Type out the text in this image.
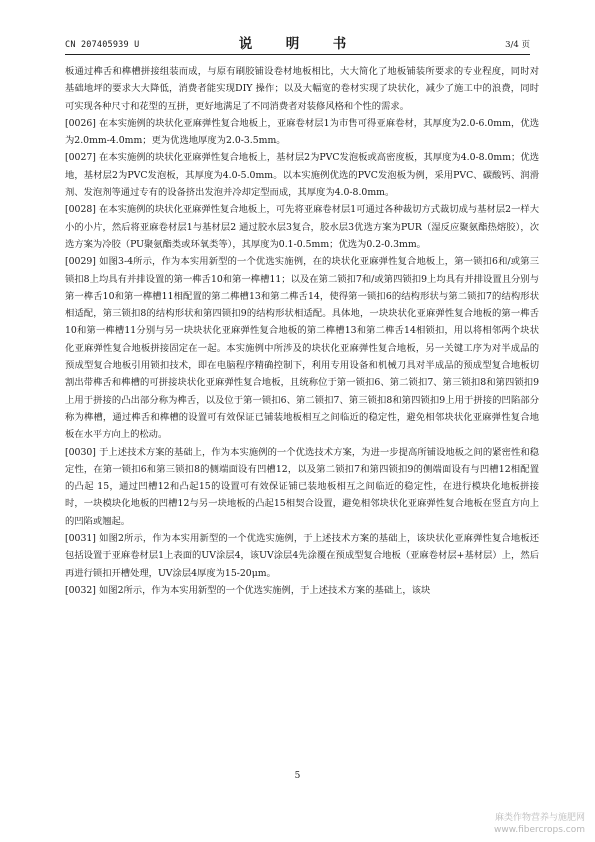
CN 207405939 U	说　明　书	3/4 页

板通过榫舌和榫槽拼接组装而成，与原有刷胶铺设卷材地板相比，大大简化了地板铺装所要求的专业程度，同时对基础地坪的要求大大降低，消费者能实现DIY 操作；以及大幅宽的卷材实现了块状化，减少了施工中的浪费，同时可实现各种尺寸和花型的互拼，更好地满足了不同消费者对装修风格和个性的需求。

[0026] 在本实施例的块状化亚麻弹性复合地板上，亚麻卷材层1为市售可得亚麻卷材，其厚度为2.0-6.0mm，优选为2.0mm-4.0mm；更为优选地厚度为2.0-3.5mm。

[0027] 在本实施例的块状化亚麻弹性复合地板上，基材层2为PVC发泡板或高密度板，其厚度为4.0-8.0mm；优选地，基材层2为PVC发泡板，其厚度为4.0-5.0mm。以本实施例优选的PVC发泡板为例，采用PVC、碳酸钙、润滑剂、发泡剂等通过专有的设备挤出发泡并冷却定型而成，其厚度为4.0-8.0mm。

[0028] 在本实施例的块状化亚麻弹性复合地板上，可先将亚麻卷材层1可通过各种裁切方式裁切成与基材层2一样大小的小片，然后将亚麻卷材层1与基材层2 通过胶水层3复合，胶水层3优选方案为PUR（湿反应聚氨酯热熔胶），次选方案为冷胶（PU聚氨酯类或环氧类等），其厚度为0.1-0.5mm；优选为0.2-0.3mm。

[0029] 如图3-4所示，作为本实用新型的一个优选实施例，在的块状化亚麻弹性复合地板上，第一锁扣6和/或第三锁扣8上均具有并排设置的第一榫舌10和第一榫槽11；以及在第二锁扣7和/或第四锁扣9上均具有并排设置且分别与第一榫舌10和第一榫槽11相配置的第二榫槽13和第二榫舌14，使得第一锁扣6的结构形状与第二锁扣7的结构形状相适配，第三锁扣8的结构形状和第四锁扣9的结构形状相适配。具体地，一块块状化亚麻弹性复合地板的第一榫舌10和第一榫槽11分别与另一块块状化亚麻弹性复合地板的第二榫槽13和第二榫舌14相锁扣，用以将相邻两个块状化亚麻弹性复合地板拼接固定在一起。本实施例中所涉及的块状化亚麻弹性复合地板，另一关键工序为对半成品的预成型复合地板引用锁扣技术，即在电脑程序精确控制下，利用专用设备和机械刀具对半成品的预成型复合地板切割出带榫舌和榫槽的可拼接块状化亚麻弹性复合地板，且统称位于第一锁扣6、第二锁扣7、第三锁扣8和第四锁扣9上用于拼接的凸出部分称为榫舌，以及位于第一锁扣6、第二锁扣7、第三锁扣8和第四锁扣9上用于拼接的凹陷部分称为榫槽，通过榫舌和榫槽的设置可有效保证已铺装地板相互之间临近的稳定性，避免相邻块状化亚麻弹性复合地板在水平方向上的松动。

[0030] 于上述技术方案的基础上，作为本实施例的一个优选技术方案，为进一步提高所铺设地板之间的紧密性和稳定性，在第一锁扣6和第三锁扣8的侧端面设有凹槽12，以及第二锁扣7和第四锁扣9的侧端面设有与凹槽12相配置的凸起 15，通过凹槽12和凸起15的设置可有效保证铺已装地板相互之间临近的稳定性，在进行模块化地板拼接时，一块模块化地板的凹槽12与另一块地板的凸起15相契合设置，避免相邻块状化亚麻弹性复合地板在竖直方向上的凹陷或翘起。

[0031] 如图2所示，作为本实用新型的一个优选实施例，于上述技术方案的基础上，该块状化亚麻弹性复合地板还包括设置于亚麻卷材层1上表面的UV涂层4，该UV涂层4先涂覆在预成型复合地板（亚麻卷材层+基材层）上，然后再进行锁扣开槽处理，UV涂层4厚度为15-20μm。

[0032] 如图2所示，作为本实用新型的一个优选实施例，于上述技术方案的基础上，该块

5
麻类作物营养与施肥网
www.fibercrops.com
